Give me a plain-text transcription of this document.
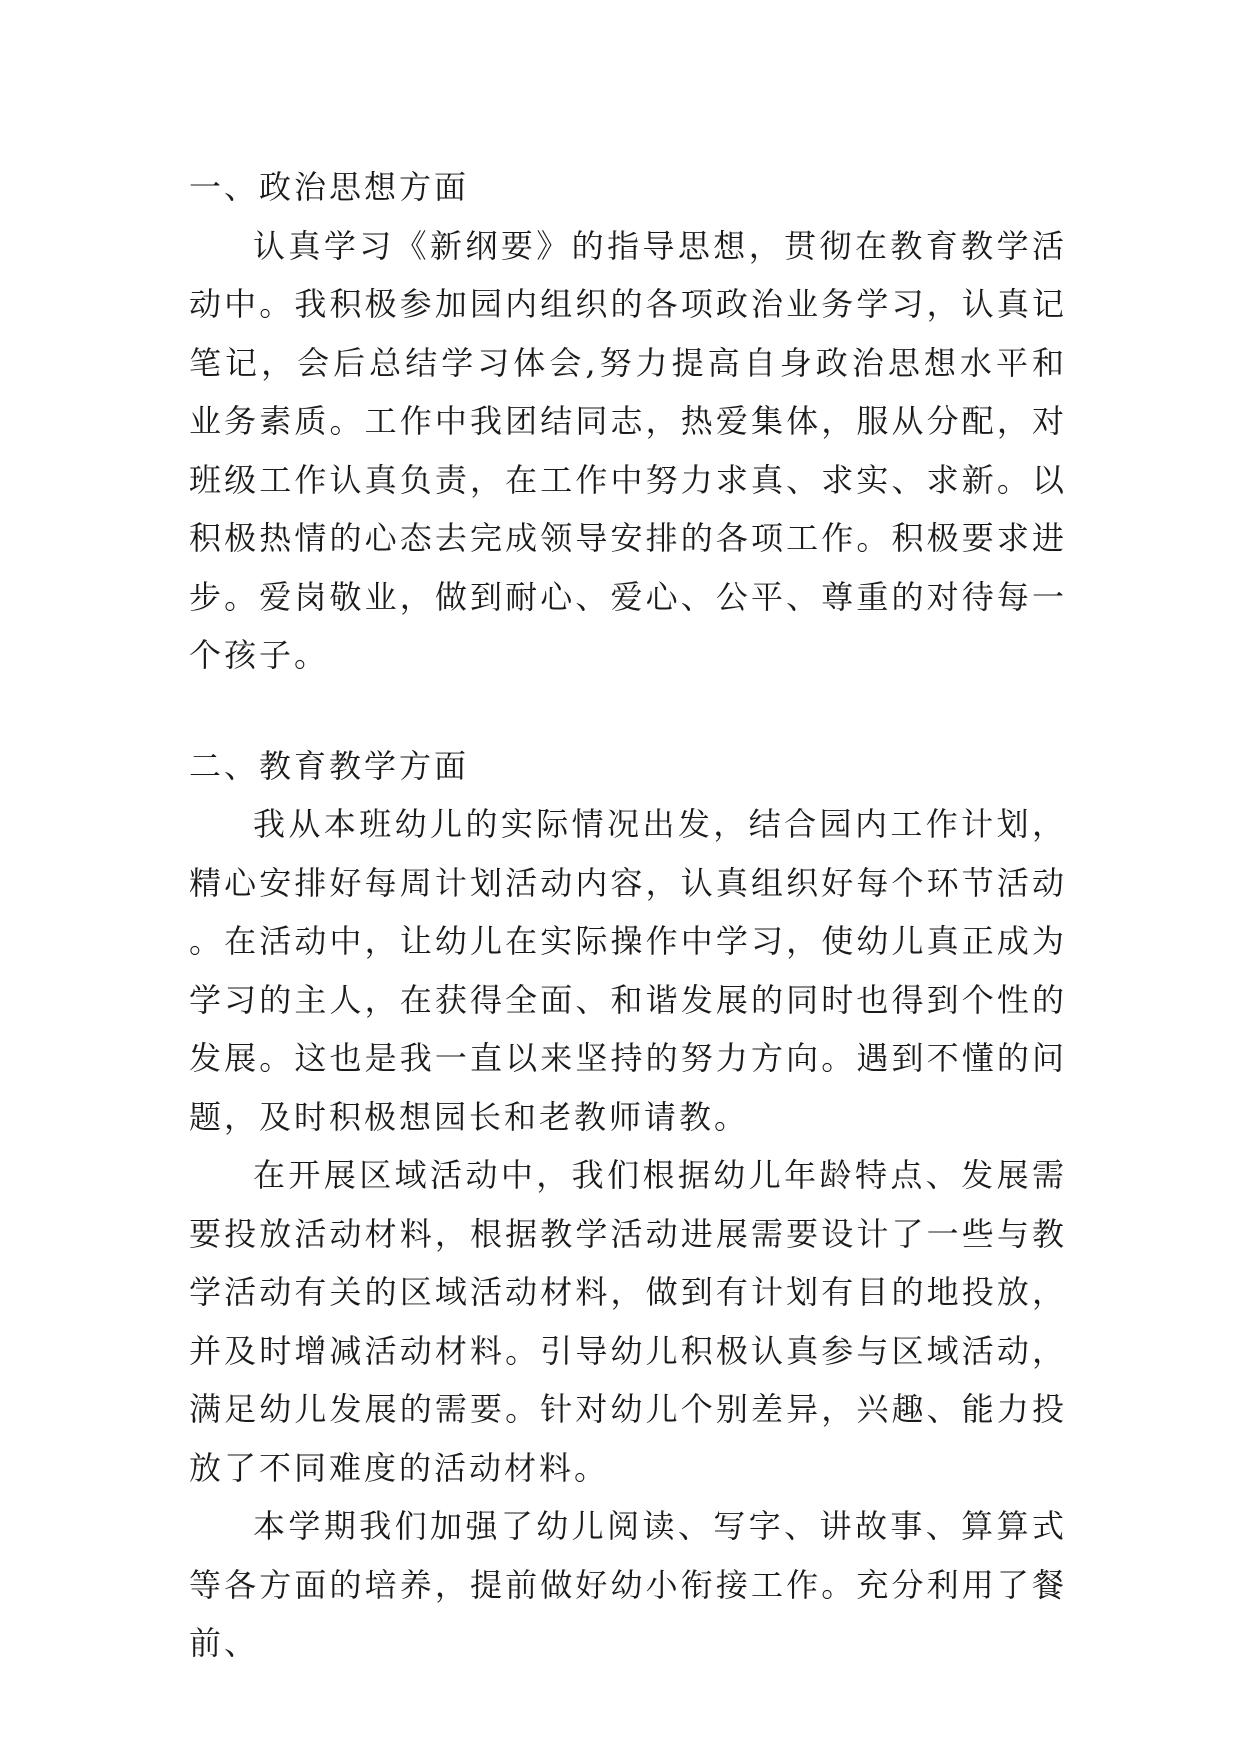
一、政治思想方面

认真学习《新纲要》的指导思想，贯彻在教育教学活动中。我积极参加园内组织的各项政治业务学习，认真记笔记，会后总结学习体会,努力提高自身政治思想水平和业务素质。工作中我团结同志，热爱集体，服从分配，对班级工作认真负责，在工作中努力求真、求实、求新。以积极热情的心态去完成领导安排的各项工作。积极要求进步。爱岗敬业，做到耐心、爱心、公平、尊重的对待每一个孩子。

二、教育教学方面

我从本班幼儿的实际情况出发，结合园内工作计划，精心安排好每周计划活动内容，认真组织好每个环节活动。在活动中，让幼儿在实际操作中学习，使幼儿真正成为学习的主人，在获得全面、和谐发展的同时也得到个性的发展。这也是我一直以来坚持的努力方向。遇到不懂的问题，及时积极想园长和老教师请教。

在开展区域活动中，我们根据幼儿年龄特点、发展需要投放活动材料，根据教学活动进展需要设计了一些与教学活动有关的区域活动材料，做到有计划有目的地投放，并及时增减活动材料。引导幼儿积极认真参与区域活动，满足幼儿发展的需要。针对幼儿个别差异，兴趣、能力投放了不同难度的活动材料。

本学期我们加强了幼儿阅读、写字、讲故事、算算式等各方面的培养，提前做好幼小衔接工作。充分利用了餐前、
